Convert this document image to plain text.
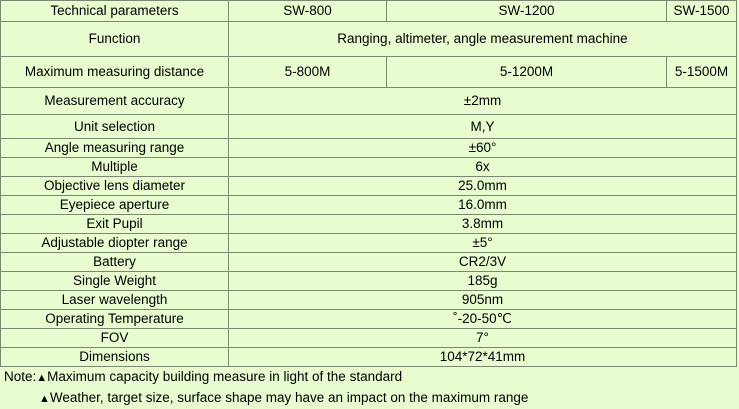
Technical parameters	SW-800	SW-1200	SW-1500
Function	Ranging, altimeter, angle measurement machine		
Maximum measuring distance	5-800M	5-1200M	5-1500M
Measurement accuracy	±2mm		
Unit selection	M,Y		
Angle measuring range	±60°		
Multiple	6x		
Objective lens diameter	25.0mm		
Eyepiece aperture	16.0mm		
Exit Pupil	3.8mm		
Adjustable diopter range	±5°		
Battery	CR2/3V		
Single Weight	185g		
Laser wavelength	905nm		
Operating Temperature	˚-20-50℃		
FOV	7°		
Dimensions	104*72*41mm		
Note:▲Maximum capacity building measure in light of the standard
▲Weather, target size, surface shape may have an impact on the maximum range
